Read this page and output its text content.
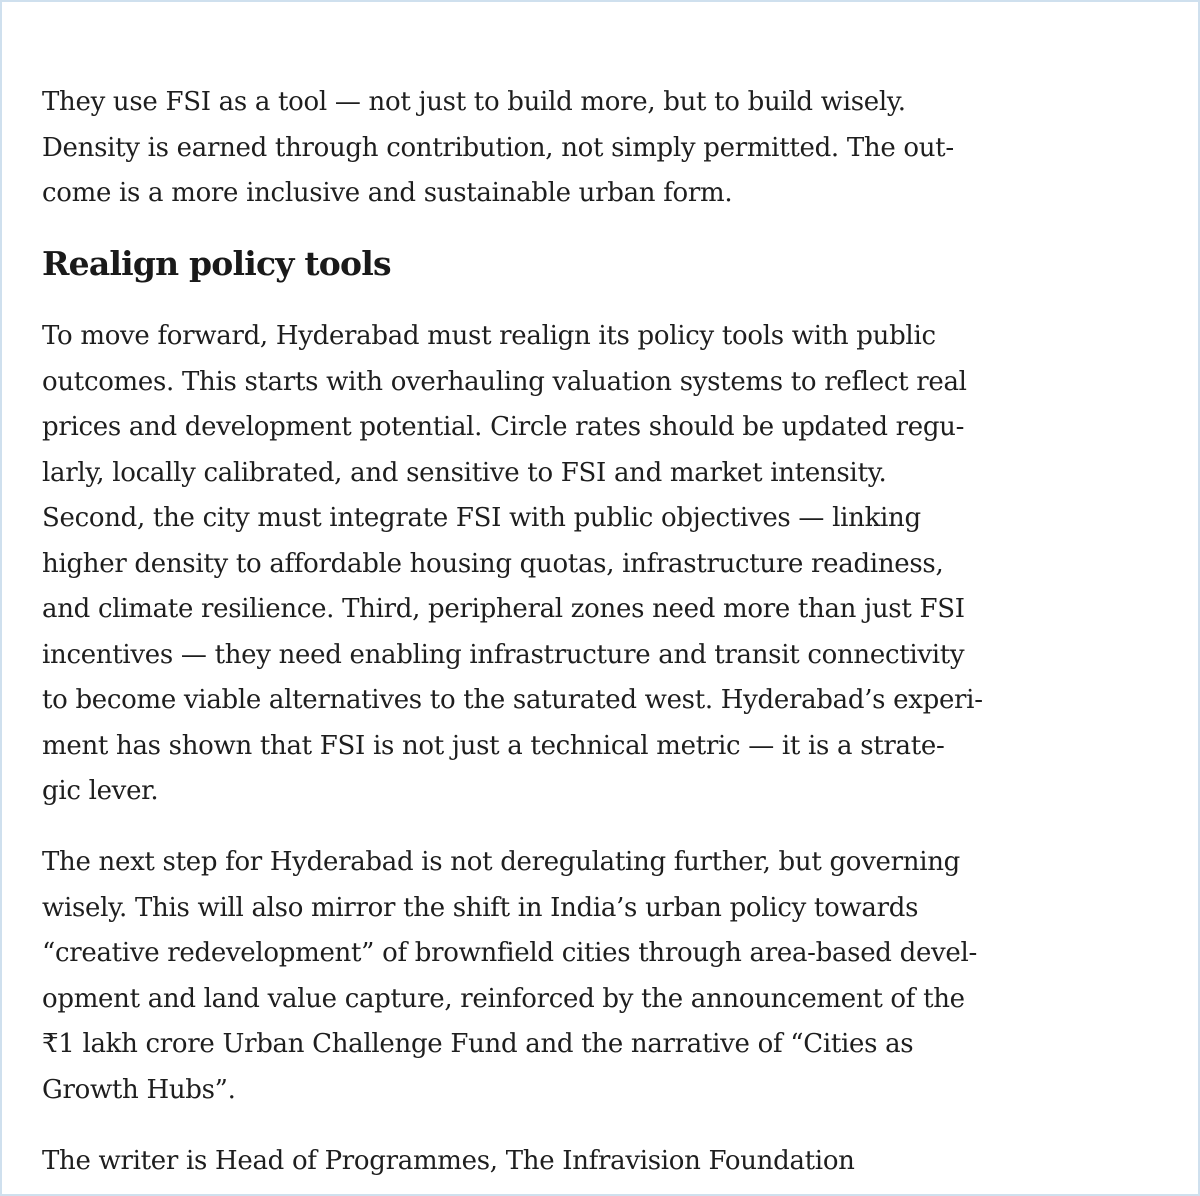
They use FSI as a tool — not just to build more, but to build wisely.
Density is earned through contribution, not simply permitted. The out-
come is a more inclusive and sustainable urban form.

Realign policy tools

To move forward, Hyderabad must realign its policy tools with public
outcomes. This starts with overhauling valuation systems to reflect real
prices and development potential. Circle rates should be updated regu-
larly, locally calibrated, and sensitive to FSI and market intensity.
Second, the city must integrate FSI with public objectives — linking
higher density to affordable housing quotas, infrastructure readiness,
and climate resilience. Third, peripheral zones need more than just FSI
incentives — they need enabling infrastructure and transit connectivity
to become viable alternatives to the saturated west. Hyderabad’s experi-
ment has shown that FSI is not just a technical metric — it is a strate-
gic lever.

The next step for Hyderabad is not deregulating further, but governing
wisely. This will also mirror the shift in India’s urban policy towards
“creative redevelopment” of brownfield cities through area-based devel-
opment and land value capture, reinforced by the announcement of the
₹1 lakh crore Urban Challenge Fund and the narrative of “Cities as
Growth Hubs”.

The writer is Head of Programmes, The Infravision Foundation
